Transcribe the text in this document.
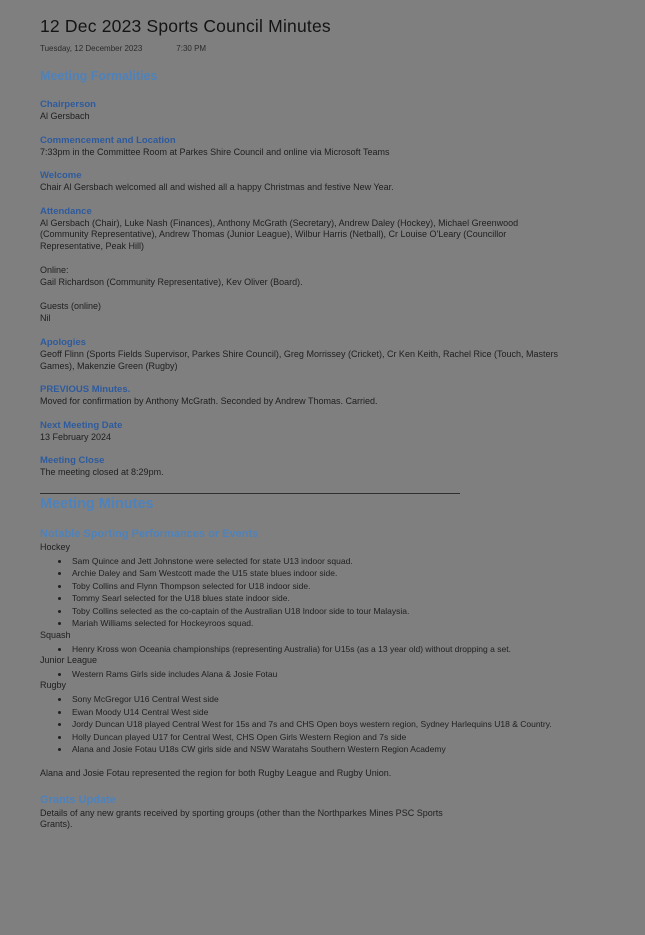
12 Dec 2023 Sports Council Minutes
Tuesday, 12 December 2023	7:30 PM
Meeting Formalities
Chairperson

Al Gersbach

Commencement and Location

7:33pm in the Committee Room at Parkes Shire Council and online via Microsoft Teams

Welcome

Chair Al Gersbach welcomed all and wished all a happy Christmas and festive New Year.

Attendance

Al Gersbach (Chair), Luke Nash (Finances), Anthony McGrath (Secretary), Andrew Daley (Hockey), Michael Greenwood (Community Representative), Andrew Thomas (Junior League), Wilbur Harris (Netball), Cr Louise O'Leary (Councillor Representative, Peak Hill)

Online:

Gail Richardson (Community Representative), Kev Oliver (Board).

Guests (online)

Nil

Apologies

Geoff Flinn (Sports Fields Supervisor, Parkes Shire Council), Greg Morrissey (Cricket), Cr Ken Keith, Rachel Rice (Touch, Masters Games), Makenzie Green (Rugby)

PREVIOUS Minutes.

Moved for confirmation by Anthony McGrath. Seconded by Andrew Thomas. Carried.

Next Meeting Date

13 February 2024

Meeting Close

The meeting closed at 8:29pm.

Meeting Minutes
Notable Sporting Performances or Events
Hockey
• Sam Quince and Jett Johnstone were selected for state U13 indoor squad.
• Archie Daley and Sam Westcott made the U15 state blues indoor side.
• Toby Collins and Flynn Thompson selected for U18 indoor side.
• Tommy Searl selected for the U18 blues state indoor side.
• Toby Collins selected as the co-captain of the Australian U18 Indoor side to tour Malaysia.
• Mariah Williams selected for Hockeyroos squad.
Squash
• Henry Kross won Oceania championships (representing Australia) for U15s (as a 13 year old) without dropping a set.
Junior League
• Western Rams Girls side includes Alana & Josie Fotau
Rugby
• Sony McGregor U16 Central West side
• Ewan Moody U14 Central West side
• Jordy Duncan U18 played Central West for 15s and 7s and CHS Open boys western region, Sydney Harlequins U18 & Country.
• Holly Duncan played U17 for Central West, CHS Open Girls Western Region and 7s side
• Alana and Josie Fotau U18s CW girls side and NSW Waratahs Southern Western Region Academy

Alana and Josie Fotau represented the region for both Rugby League and Rugby Union.

Grants Update

Details of any new grants received by sporting groups (other than the Northparkes Mines PSC Sports Grants).
